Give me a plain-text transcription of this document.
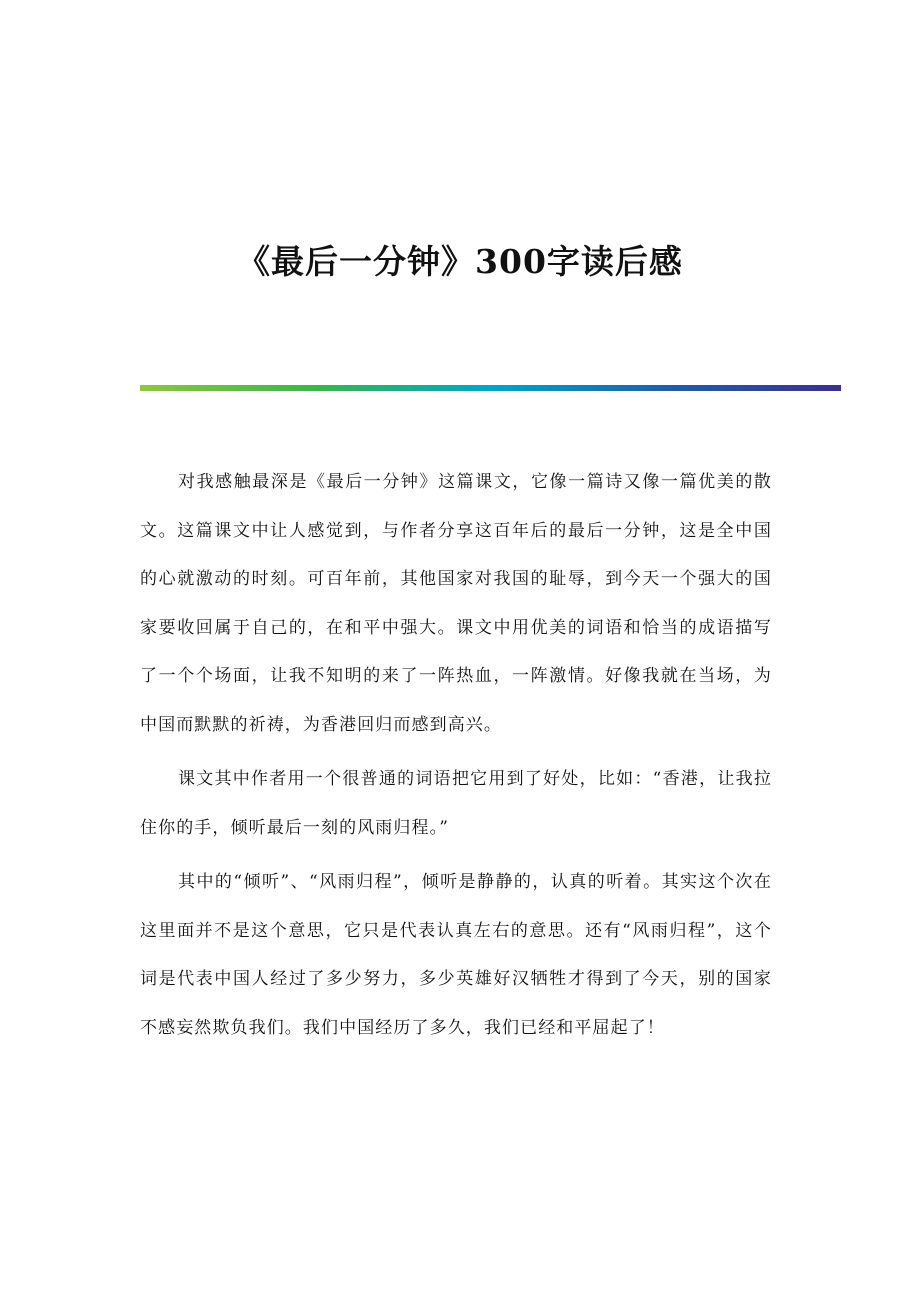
《最后一分钟》300字读后感

对我感触最深是《最后一分钟》这篇课文，它像一篇诗又像一篇优美的散文。这篇课文中让人感觉到，与作者分享这百年后的最后一分钟，这是全中国的心就激动的时刻。可百年前，其他国家对我国的耻辱，到今天一个强大的国家要收回属于自己的，在和平中强大。课文中用优美的词语和恰当的成语描写了一个个场面，让我不知明的来了一阵热血，一阵激情。好像我就在当场，为中国而默默的祈祷，为香港回归而感到高兴。

课文其中作者用一个很普通的词语把它用到了好处，比如：“香港，让我拉住你的手，倾听最后一刻的风雨归程。”

其中的“倾听”、“风雨归程”，倾听是静静的，认真的听着。其实这个次在这里面并不是这个意思，它只是代表认真左右的意思。还有“风雨归程”，这个词是代表中国人经过了多少努力，多少英雄好汉牺牲才得到了今天，别的国家不感妄然欺负我们。我们中国经历了多久，我们已经和平屈起了！
